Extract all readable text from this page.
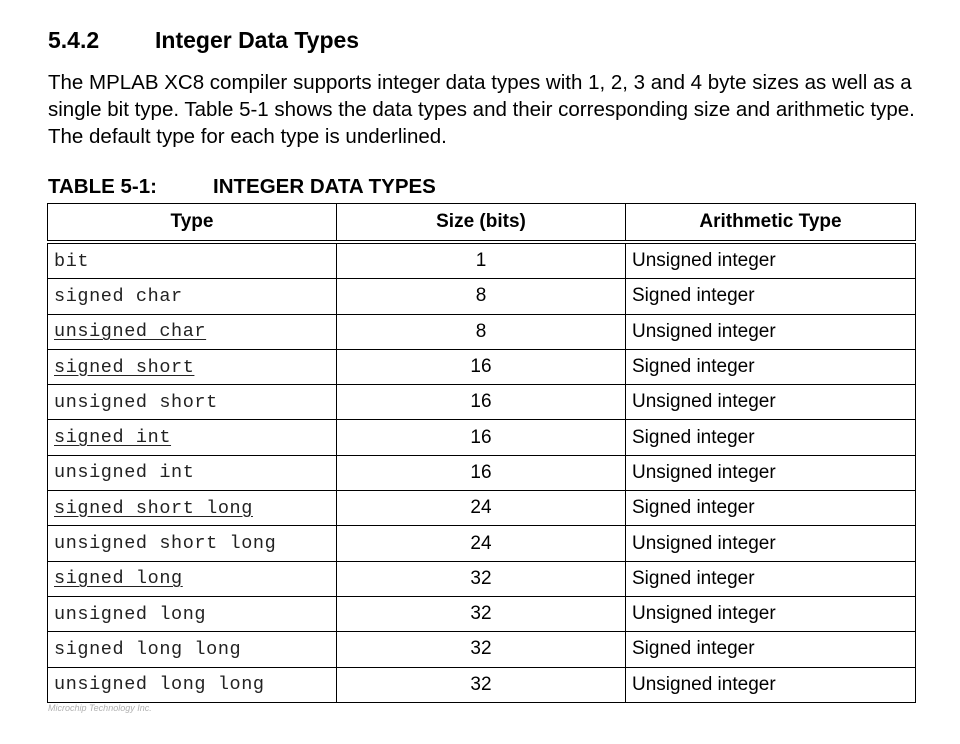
5.4.2 Integer Data Types

The MPLAB XC8 compiler supports integer data types with 1, 2, 3 and 4 byte sizes as well as a single bit type. Table 5-1 shows the data types and their corresponding size and arithmetic type. The default type for each type is underlined.

TABLE 5-1:	INTEGER DATA TYPES
Type	Size (bits)	Arithmetic Type
bit	1	Unsigned integer
signed char	8	Signed integer
unsigned char	8	Unsigned integer
signed short	16	Signed integer
unsigned short	16	Unsigned integer
signed int	16	Signed integer
unsigned int	16	Unsigned integer
signed short long	24	Signed integer
unsigned short long	24	Unsigned integer
signed long	32	Signed integer
unsigned long	32	Unsigned integer
signed long long	32	Signed integer
unsigned long long	32	Unsigned integer
Microchip Technology Inc.
